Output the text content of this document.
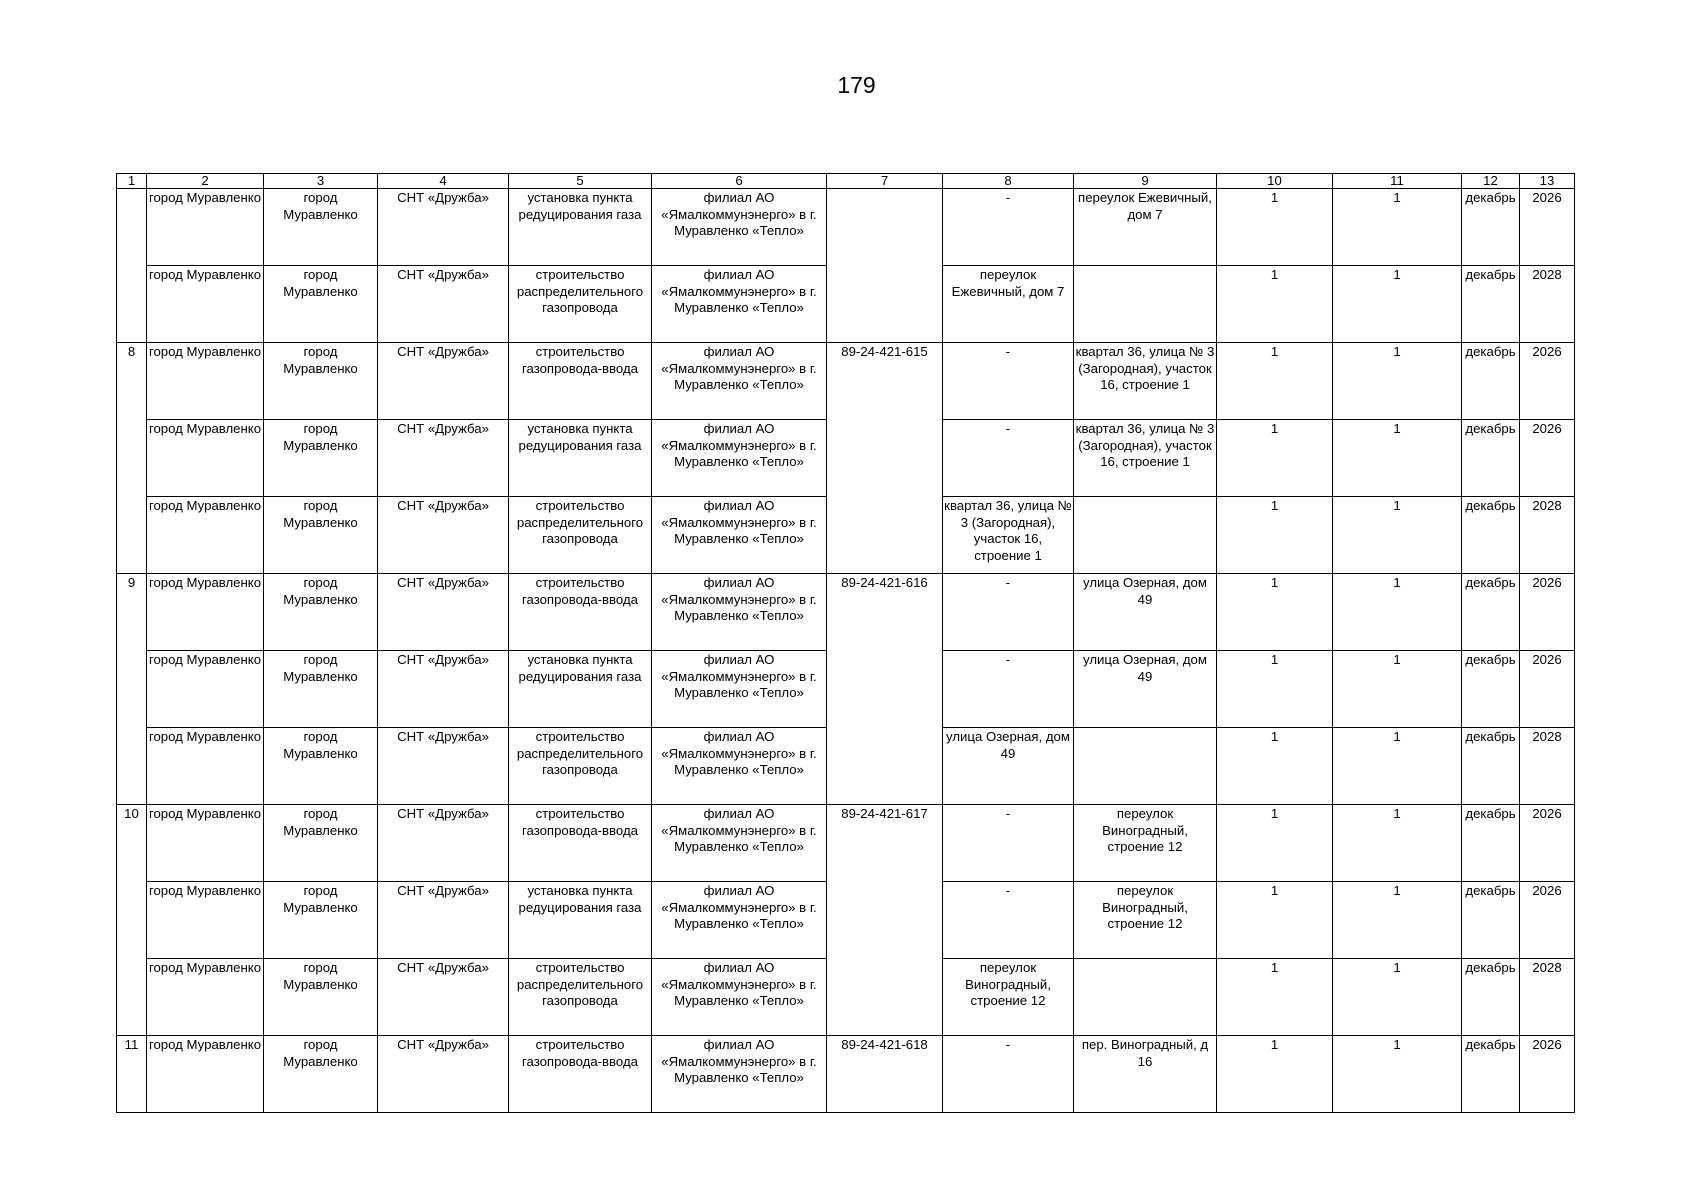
179
1	2	3	4	5	6	7	8	9	10	11	12	13
	город Муравленко	город Муравленко	СНТ «Дружба»	установка пункта редуцирования газа	филиал АО «Ямалкоммунэнерго» в г. Муравленко «Тепло»		-	переулок Ежевичный, дом 7	1	1	декабрь	2026
	город Муравленко	город Муравленко	СНТ «Дружба»	строительство распределительного газопровода	филиал АО «Ямалкоммунэнерго» в г. Муравленко «Тепло»		переулок Ежевичный, дом 7		1	1	декабрь	2028
8	город Муравленко	город Муравленко	СНТ «Дружба»	строительство газопровода-ввода	филиал АО «Ямалкоммунэнерго» в г. Муравленко «Тепло»	89-24-421-615	-	квартал 36, улица № 3 (Загородная), участок 16, строение 1	1	1	декабрь	2026
	город Муравленко	город Муравленко	СНТ «Дружба»	установка пункта редуцирования газа	филиал АО «Ямалкоммунэнерго» в г. Муравленко «Тепло»		-	квартал 36, улица № 3 (Загородная), участок 16, строение 1	1	1	декабрь	2026
	город Муравленко	город Муравленко	СНТ «Дружба»	строительство распределительного газопровода	филиал АО «Ямалкоммунэнерго» в г. Муравленко «Тепло»		квартал 36, улица № 3 (Загородная), участок 16, строение 1		1	1	декабрь	2028
9	город Муравленко	город Муравленко	СНТ «Дружба»	строительство газопровода-ввода	филиал АО «Ямалкоммунэнерго» в г. Муравленко «Тепло»	89-24-421-616	-	улица Озерная, дом 49	1	1	декабрь	2026
	город Муравленко	город Муравленко	СНТ «Дружба»	установка пункта редуцирования газа	филиал АО «Ямалкоммунэнерго» в г. Муравленко «Тепло»		-	улица Озерная, дом 49	1	1	декабрь	2026
	город Муравленко	город Муравленко	СНТ «Дружба»	строительство распределительного газопровода	филиал АО «Ямалкоммунэнерго» в г. Муравленко «Тепло»		улица Озерная, дом 49		1	1	декабрь	2028
10	город Муравленко	город Муравленко	СНТ «Дружба»	строительство газопровода-ввода	филиал АО «Ямалкоммунэнерго» в г. Муравленко «Тепло»	89-24-421-617	-	переулок Виноградный, строение 12	1	1	декабрь	2026
	город Муравленко	город Муравленко	СНТ «Дружба»	установка пункта редуцирования газа	филиал АО «Ямалкоммунэнерго» в г. Муравленко «Тепло»		-	переулок Виноградный, строение 12	1	1	декабрь	2026
	город Муравленко	город Муравленко	СНТ «Дружба»	строительство распределительного газопровода	филиал АО «Ямалкоммунэнерго» в г. Муравленко «Тепло»		переулок Виноградный, строение 12		1	1	декабрь	2028
11	город Муравленко	город Муравленко	СНТ «Дружба»	строительство газопровода-ввода	филиал АО «Ямалкоммунэнерго» в г. Муравленко «Тепло»	89-24-421-618	-	пер. Виноградный, д 16	1	1	декабрь	2026
